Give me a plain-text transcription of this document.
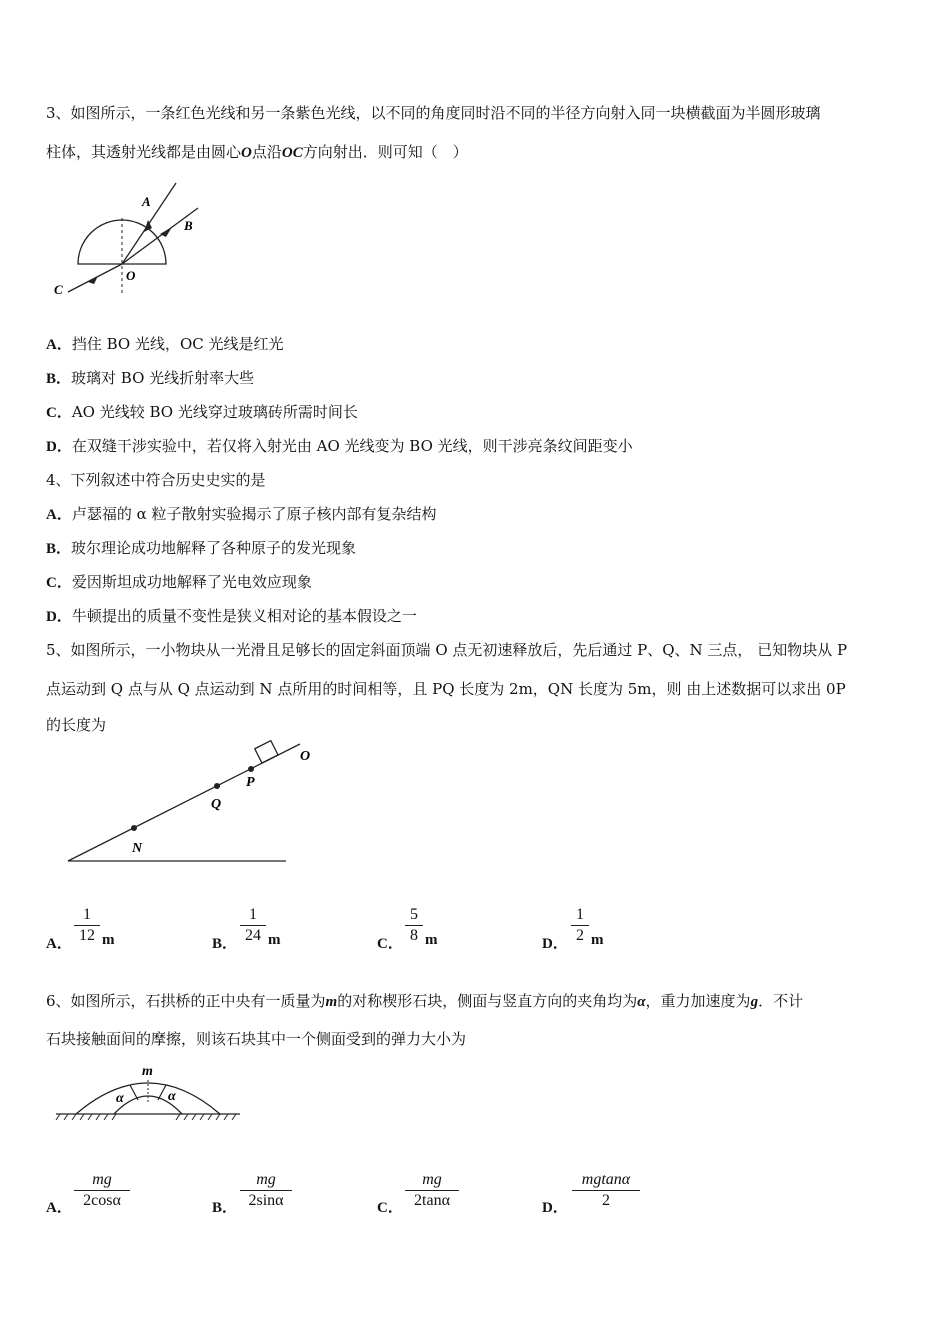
3、如图所示，一条红色光线和另一条紫色光线，以不同的角度同时沿不同的半径方向射入同一块横截面为半圆形玻璃
柱体，其透射光线都是由圆心O点沿OC方向射出．则可知（　）
A
B
C
O
A．挡住 BO 光线，OC 光线是红光
B．玻璃对 BO 光线折射率大些
C．AO 光线较 BO 光线穿过玻璃砖所需时间长
D．在双缝干涉实验中，若仅将入射光由 AO 光线变为 BO 光线，则干涉亮条纹间距变小
4、下列叙述中符合历史史实的是
A．卢瑟福的 α 粒子散射实验揭示了原子核内部有复杂结构
B．玻尔理论成功地解释了各种原子的发光现象
C．爱因斯坦成功地解释了光电效应现象
D．牛顿提出的质量不变性是狭义相对论的基本假设之一
5、如图所示，一小物块从一光滑且足够长的固定斜面顶端 O 点无初速释放后，先后通过 P、Q、N 三点， 已知物块从 P
点运动到 Q 点与从 Q 点运动到 N 点所用的时间相等，且 PQ 长度为 2m，QN 长度为 5m，则 由上述数据可以求出 0P
的长度为
O
P
Q
N
A．
1
12 m	B．
1
24 m	C．
5
8 m	D．
1
2 m
6、如图所示，石拱桥的正中央有一质量为m的对称楔形石块，侧面与竖直方向的夹角均为α，重力加速度为g．不计
石块接触面间的摩擦，则该石块其中一个侧面受到的弹力大小为
m
α	α
A．
mg
2cosα	B．
mg
2sinα	C．
mg
2tanα	D．
mgtanα
2
